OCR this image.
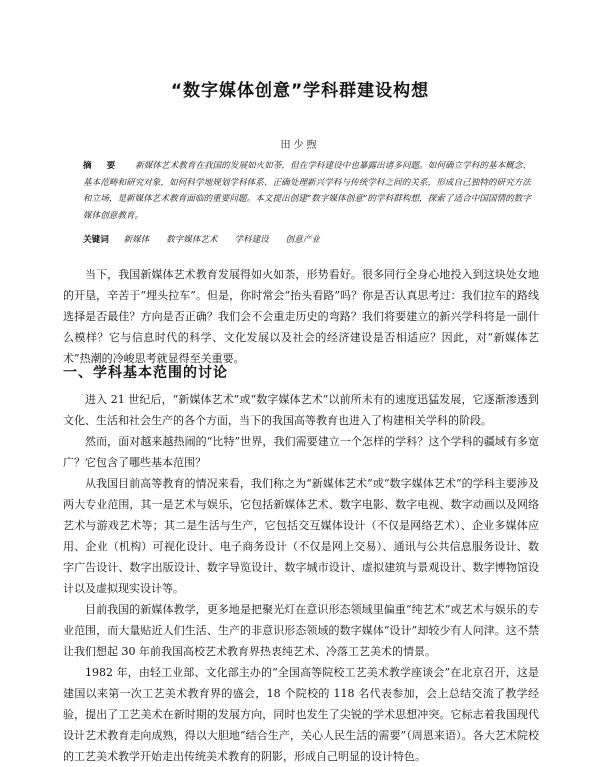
“数字媒体创意”学科群建设构想
田少煦
摘 要 新媒体艺术教育在我国的发展如火如荼，但在学科建设中也暴露出诸多问题。如何确立学科的基本概念、基本范畴和研究对象，如何科学地规划学科体系、正确处理新兴学科与传统学科之间的关系，形成自己独特的研究方法和立场，是新媒体艺术教育面临的重要问题。本文提出创建“数字媒体创意”的学科群构想，探索了适合中国国情的数字媒体创意教育。
关键词 新媒体 数字媒体艺术 学科建设 创意产业

当下，我国新媒体艺术教育发展得如火如荼，形势看好。很多同行全身心地投入到这块处女地的开垦，辛苦于“埋头拉车”。但是，你时常会“抬头看路”吗？你是否认真思考过：我们拉车的路线选择是否最佳？方向是否正确？我们会不会重走历史的弯路？我们将要建立的新兴学科将是一副什么模样？它与信息时代的科学、文化发展以及社会的经济建设是否相适应？因此，对“新媒体艺术”热潮的冷峻思考就显得至关重要。

一、学科基本范围的讨论

进入 21 世纪后，“新媒体艺术”或“数字媒体艺术”以前所未有的速度迅猛发展，它逐渐渗透到文化、生活和社会生产的各个方面，当下的我国高等教育也进入了构建相关学科的阶段。

然而，面对越来越热闹的“比特”世界，我们需要建立一个怎样的学科？这个学科的疆域有多宽广？它包含了哪些基本范围？

从我国目前高等教育的情况来看，我们称之为“新媒体艺术”或“数字媒体艺术”的学科主要涉及两大专业范围，其一是艺术与娱乐，它包括新媒体艺术、数字电影、数字电视、数字动画以及网络艺术与游戏艺术等；其二是生活与生产，它包括交互媒体设计（不仅是网络艺术）、企业多媒体应用、企业（机构）可视化设计、电子商务设计（不仅是网上交易）、通讯与公共信息服务设计、数字广告设计、数字出版设计、数字导览设计、数字城市设计、虚拟建筑与景观设计、数字博物馆设计以及虚拟现实设计等。

目前我国的新媒体教学，更多地是把聚光灯在意识形态领域里偏重“纯艺术”或艺术与娱乐的专业范围，而大量贴近人们生活、生产的非意识形态领域的数字媒体“设计”却较少有人问津。这不禁让我们想起 30 年前我国高校艺术教育界热衷纯艺术、冷落工艺美术的情景。

1982 年，由轻工业部、文化部主办的“全国高等院校工艺美术教学座谈会”在北京召开，这是建国以来第一次工艺美术教育界的盛会，18 个院校的 118 名代表参加，会上总结交流了教学经验，提出了工艺美术在新时期的发展方向，同时也发生了尖锐的学术思想冲突。它标志着我国现代设计艺术教育走向成熟，得以大胆地“结合生产，关心人民生活的需要”（周恩来语）。各大艺术院校的工艺美术教学开始走出传统美术教育的阴影，形成自己明显的设计特色。
